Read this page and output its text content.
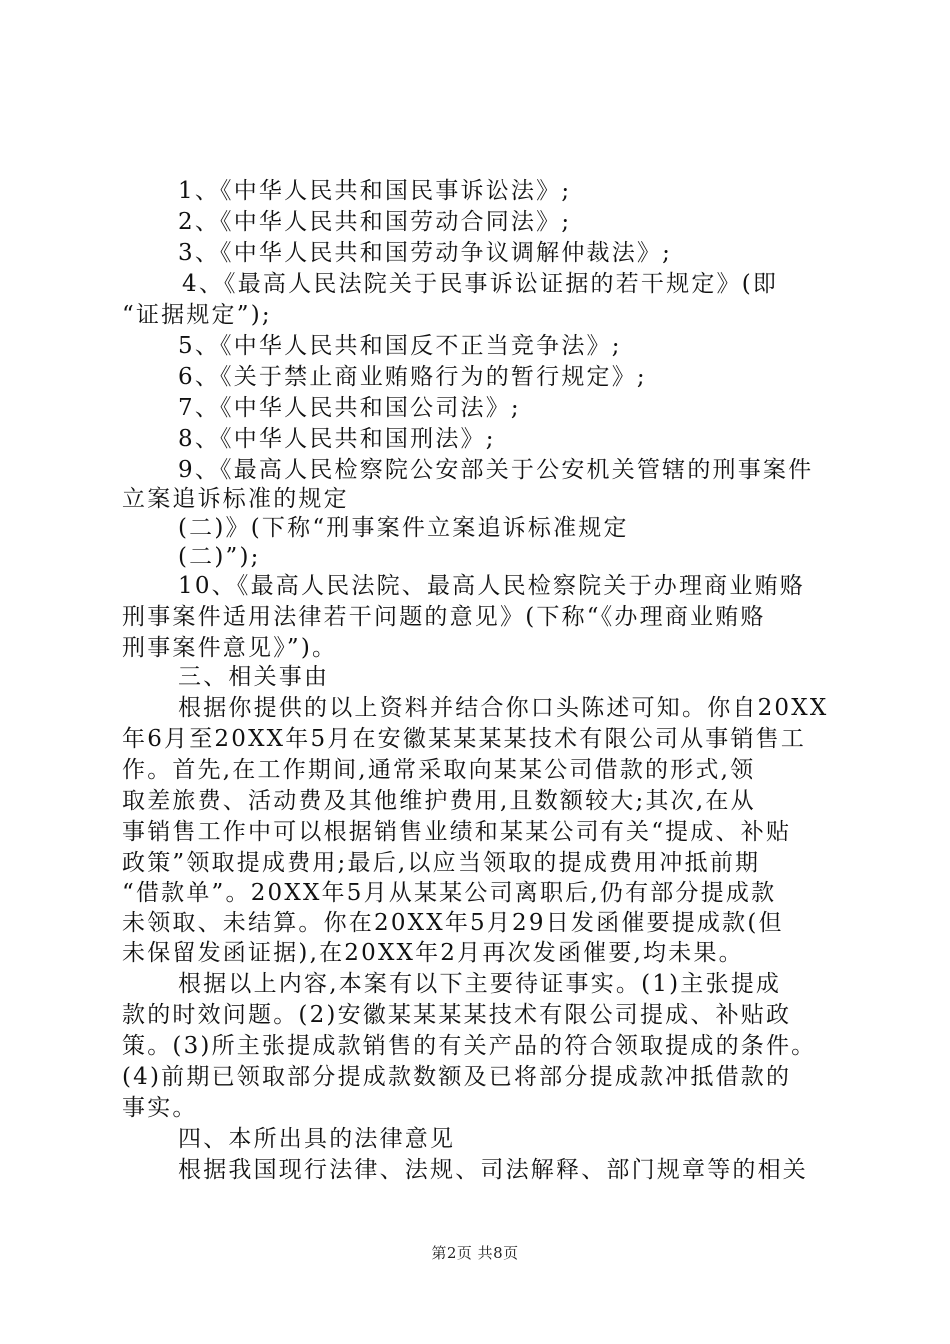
1、《中华人民共和国民事诉讼法》;
2、《中华人民共和国劳动合同法》;
3、《中华人民共和国劳动争议调解仲裁法》;
4、《最高人民法院关于民事诉讼证据的若干规定》(即
“证据规定”);
5、《中华人民共和国反不正当竞争法》;
6、《关于禁止商业贿赂行为的暂行规定》;
7、《中华人民共和国公司法》;
8、《中华人民共和国刑法》;
9、《最高人民检察院公安部关于公安机关管辖的刑事案件
立案追诉标准的规定
(二)》(下称“刑事案件立案追诉标准规定
(二)”);
10、《最高人民法院、最高人民检察院关于办理商业贿赂
刑事案件适用法律若干问题的意见》(下称“《办理商业贿赂
刑事案件意见》”)。
三、相关事由
根据你提供的以上资料并结合你口头陈述可知。你自20XX
年6月至20XX年5月在安徽某某某某技术有限公司从事销售工
作。首先,在工作期间,通常采取向某某公司借款的形式,领
取差旅费、活动费及其他维护费用,且数额较大;其次,在从
事销售工作中可以根据销售业绩和某某公司有关“提成、补贴
政策”领取提成费用;最后,以应当领取的提成费用冲抵前期
“借款单”。20XX年5月从某某公司离职后,仍有部分提成款
未领取、未结算。你在20XX年5月29日发函催要提成款(但
未保留发函证据),在20XX年2月再次发函催要,均未果。
根据以上内容,本案有以下主要待证事实。(1)主张提成
款的时效问题。(2)安徽某某某某技术有限公司提成、补贴政
策。(3)所主张提成款销售的有关产品的符合领取提成的条件。
(4)前期已领取部分提成款数额及已将部分提成款冲抵借款的
事实。
四、本所出具的法律意见
根据我国现行法律、法规、司法解释、部门规章等的相关
第2页 共8页
